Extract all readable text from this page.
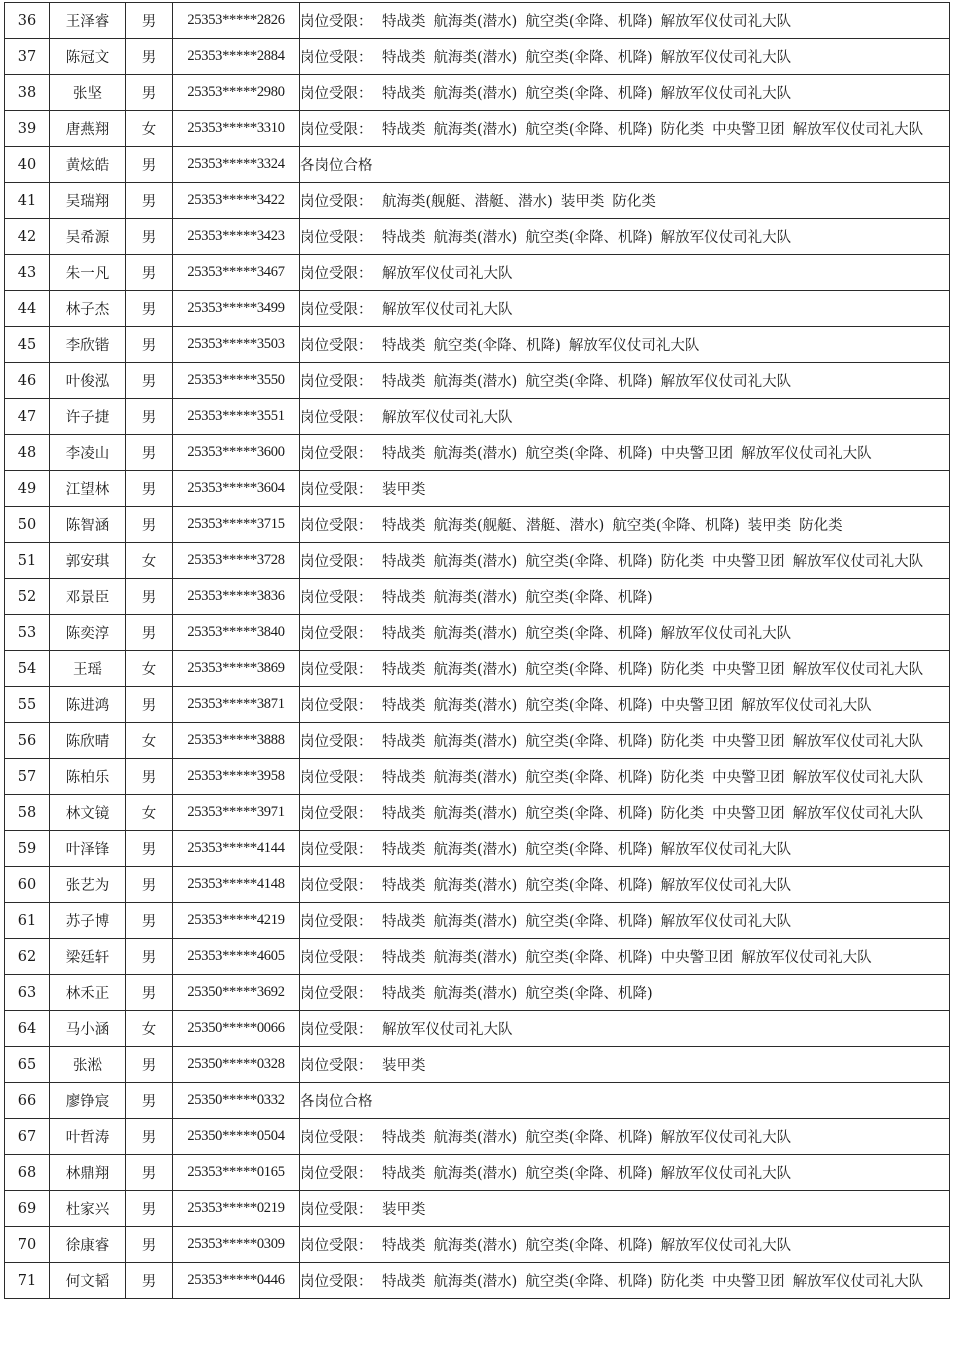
36	王泽睿	男	25353*****2826	岗位受限： 特战类 航海类(潜水) 航空类(伞降、机降) 解放军仪仗司礼大队
37	陈冠文	男	25353*****2884	岗位受限： 特战类 航海类(潜水) 航空类(伞降、机降) 解放军仪仗司礼大队
38	张坚	男	25353*****2980	岗位受限： 特战类 航海类(潜水) 航空类(伞降、机降) 解放军仪仗司礼大队
39	唐燕翔	女	25353*****3310	岗位受限： 特战类 航海类(潜水) 航空类(伞降、机降) 防化类 中央警卫团 解放军仪仗司礼大队
40	黄炫皓	男	25353*****3324	各岗位合格
41	吴瑞翔	男	25353*****3422	岗位受限： 航海类(舰艇、潜艇、潜水) 装甲类 防化类
42	吴希源	男	25353*****3423	岗位受限： 特战类 航海类(潜水) 航空类(伞降、机降) 解放军仪仗司礼大队
43	朱一凡	男	25353*****3467	岗位受限： 解放军仪仗司礼大队
44	林子杰	男	25353*****3499	岗位受限： 解放军仪仗司礼大队
45	李欣锴	男	25353*****3503	岗位受限： 特战类 航空类(伞降、机降) 解放军仪仗司礼大队
46	叶俊泓	男	25353*****3550	岗位受限： 特战类 航海类(潜水) 航空类(伞降、机降) 解放军仪仗司礼大队
47	许子捷	男	25353*****3551	岗位受限： 解放军仪仗司礼大队
48	李凌山	男	25353*****3600	岗位受限： 特战类 航海类(潜水) 航空类(伞降、机降) 中央警卫团 解放军仪仗司礼大队
49	江望林	男	25353*****3604	岗位受限： 装甲类
50	陈智涵	男	25353*****3715	岗位受限： 特战类 航海类(舰艇、潜艇、潜水) 航空类(伞降、机降) 装甲类 防化类
51	郭安琪	女	25353*****3728	岗位受限： 特战类 航海类(潜水) 航空类(伞降、机降) 防化类 中央警卫团 解放军仪仗司礼大队
52	邓景臣	男	25353*****3836	岗位受限： 特战类 航海类(潜水) 航空类(伞降、机降)
53	陈奕淳	男	25353*****3840	岗位受限： 特战类 航海类(潜水) 航空类(伞降、机降) 解放军仪仗司礼大队
54	王瑶	女	25353*****3869	岗位受限： 特战类 航海类(潜水) 航空类(伞降、机降) 防化类 中央警卫团 解放军仪仗司礼大队
55	陈进鸿	男	25353*****3871	岗位受限： 特战类 航海类(潜水) 航空类(伞降、机降) 中央警卫团 解放军仪仗司礼大队
56	陈欣晴	女	25353*****3888	岗位受限： 特战类 航海类(潜水) 航空类(伞降、机降) 防化类 中央警卫团 解放军仪仗司礼大队
57	陈柏乐	男	25353*****3958	岗位受限： 特战类 航海类(潜水) 航空类(伞降、机降) 防化类 中央警卫团 解放军仪仗司礼大队
58	林文镜	女	25353*****3971	岗位受限： 特战类 航海类(潜水) 航空类(伞降、机降) 防化类 中央警卫团 解放军仪仗司礼大队
59	叶泽锋	男	25353*****4144	岗位受限： 特战类 航海类(潜水) 航空类(伞降、机降) 解放军仪仗司礼大队
60	张艺为	男	25353*****4148	岗位受限： 特战类 航海类(潜水) 航空类(伞降、机降) 解放军仪仗司礼大队
61	苏子博	男	25353*****4219	岗位受限： 特战类 航海类(潜水) 航空类(伞降、机降) 解放军仪仗司礼大队
62	梁廷轩	男	25353*****4605	岗位受限： 特战类 航海类(潜水) 航空类(伞降、机降) 中央警卫团 解放军仪仗司礼大队
63	林禾正	男	25350*****3692	岗位受限： 特战类 航海类(潜水) 航空类(伞降、机降)
64	马小涵	女	25350*****0066	岗位受限： 解放军仪仗司礼大队
65	张淞	男	25350*****0328	岗位受限： 装甲类
66	廖铮宸	男	25350*****0332	各岗位合格
67	叶哲涛	男	25350*****0504	岗位受限： 特战类 航海类(潜水) 航空类(伞降、机降) 解放军仪仗司礼大队
68	林鼎翔	男	25353*****0165	岗位受限： 特战类 航海类(潜水) 航空类(伞降、机降) 解放军仪仗司礼大队
69	杜家兴	男	25353*****0219	岗位受限： 装甲类
70	徐康睿	男	25353*****0309	岗位受限： 特战类 航海类(潜水) 航空类(伞降、机降) 解放军仪仗司礼大队
71	何文韬	男	25353*****0446	岗位受限： 特战类 航海类(潜水) 航空类(伞降、机降) 防化类 中央警卫团 解放军仪仗司礼大队
